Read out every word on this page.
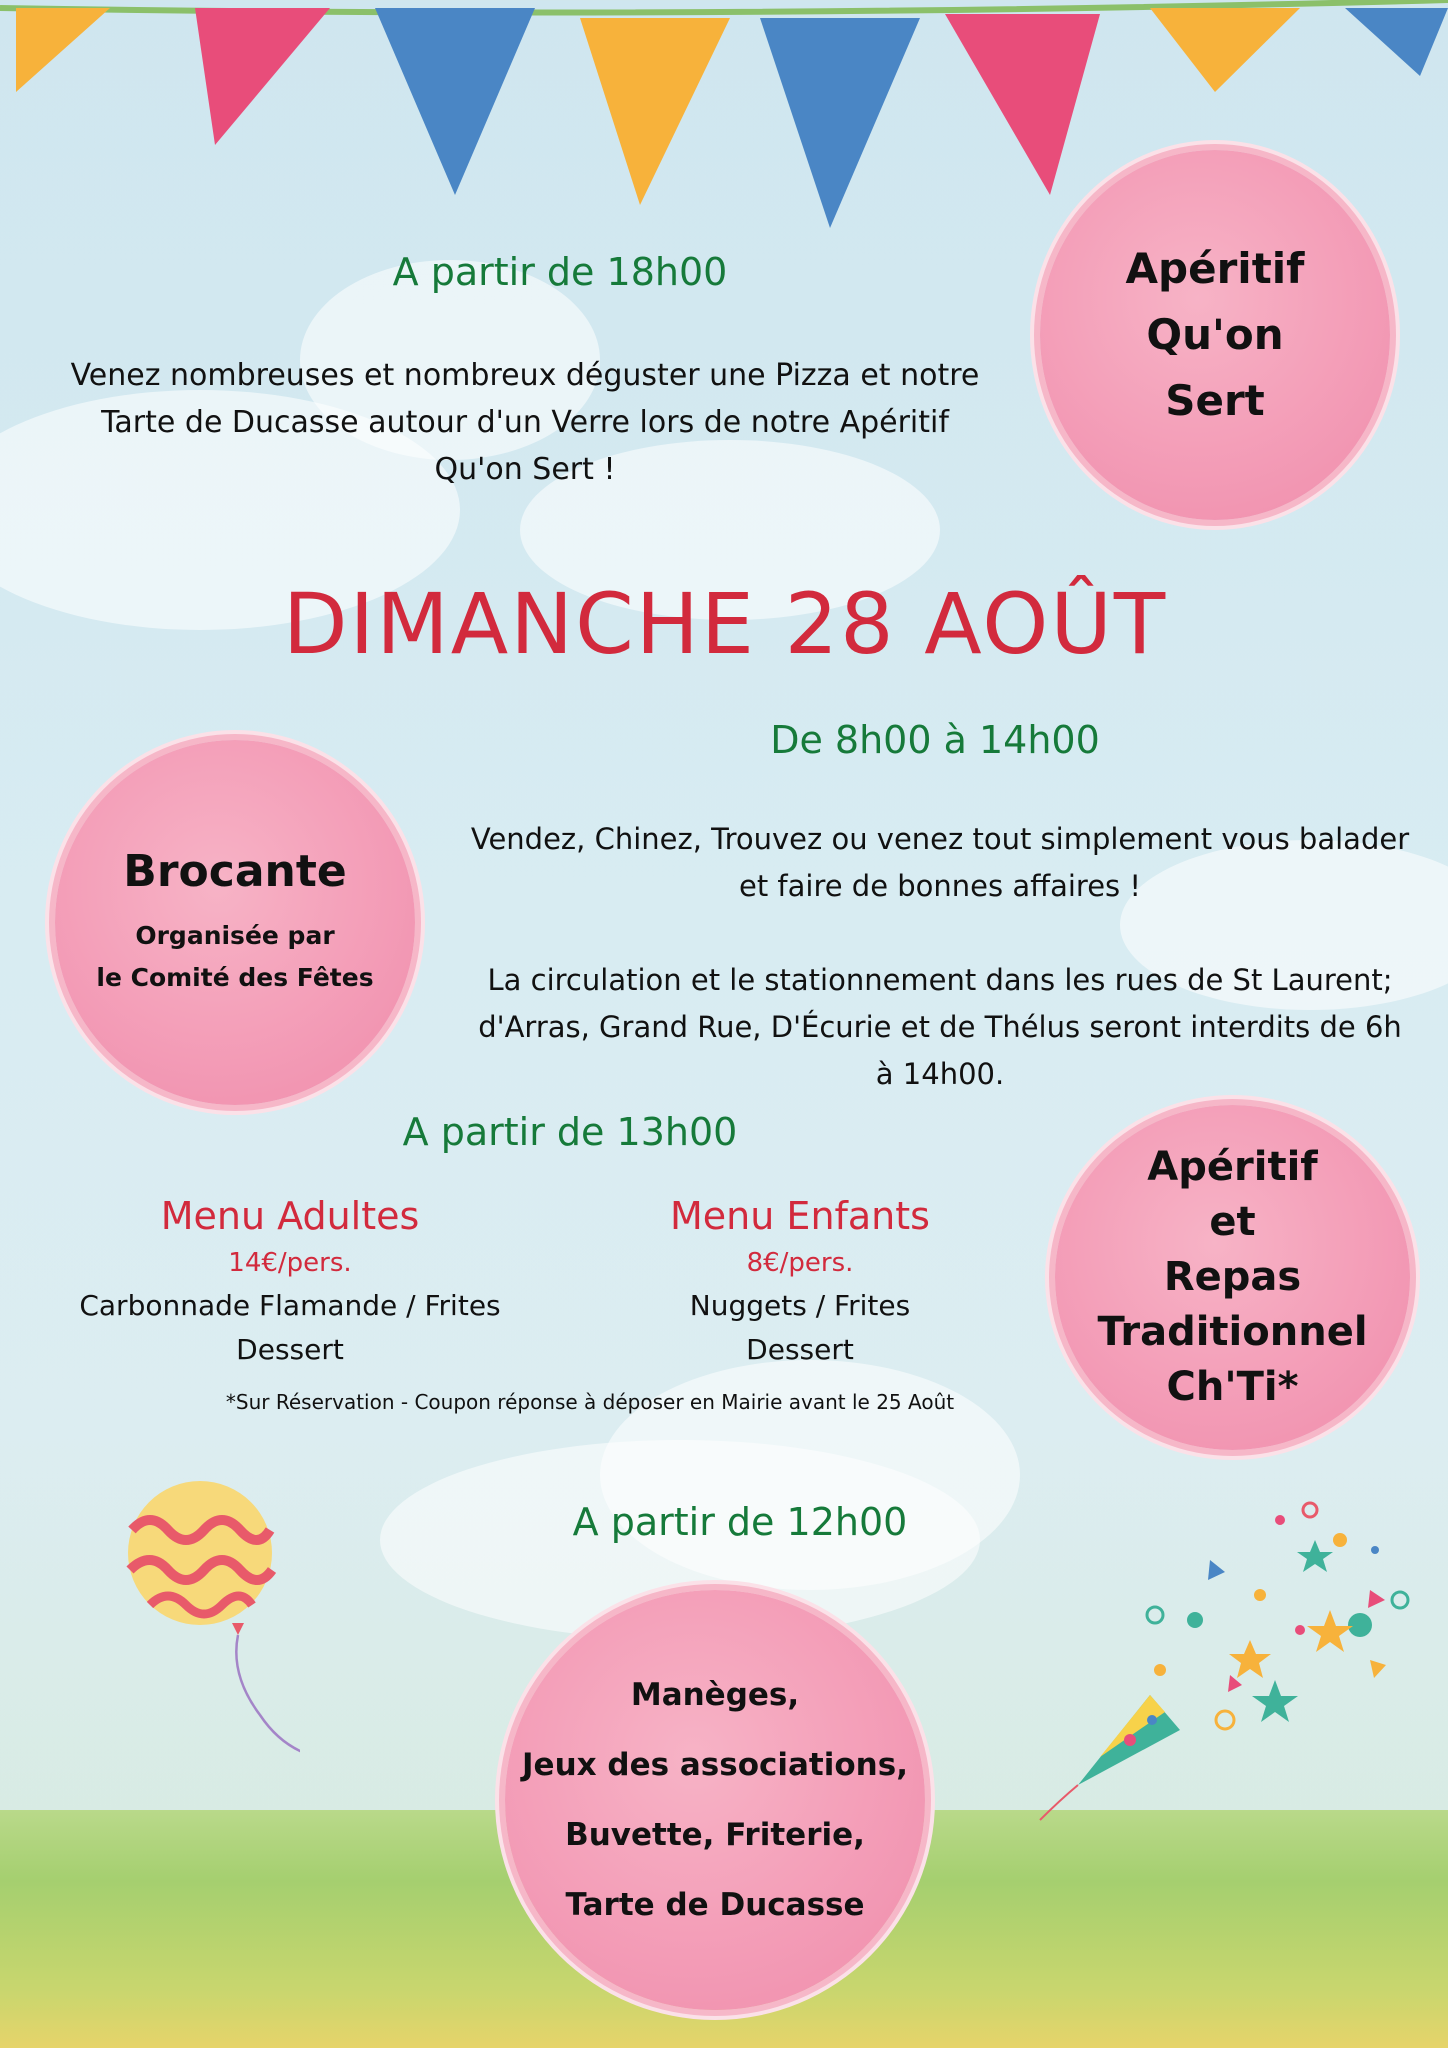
A partir de 18h00
Venez nombreuses et nombreux déguster une Pizza et notre
Tarte de Ducasse autour d'un Verre lors de notre Apéritif
Qu'on Sert !
Apéritif
Qu'on
Sert
DIMANCHE 28 AOÛT
De 8h00 à 14h00
Brocante
Organisée par
le Comité des Fêtes
Vendez, Chinez, Trouvez ou venez tout simplement vous balader
et faire de bonnes affaires !
La circulation et le stationnement dans les rues de St Laurent;
d'Arras, Grand Rue, D'Écurie et de Thélus seront interdits de 6h
à 14h00.
A partir de 13h00
Menu Adultes
14€/pers.
Carbonnade Flamande / Frites
Dessert
Menu Enfants
8€/pers.
Nuggets / Frites
Dessert
*Sur Réservation - Coupon réponse à déposer en Mairie avant le 25 Août
Apéritif
et
Repas
Traditionnel
Ch'Ti*
A partir de 12h00
Manèges,
Jeux des associations,
Buvette, Friterie,
Tarte de Ducasse
